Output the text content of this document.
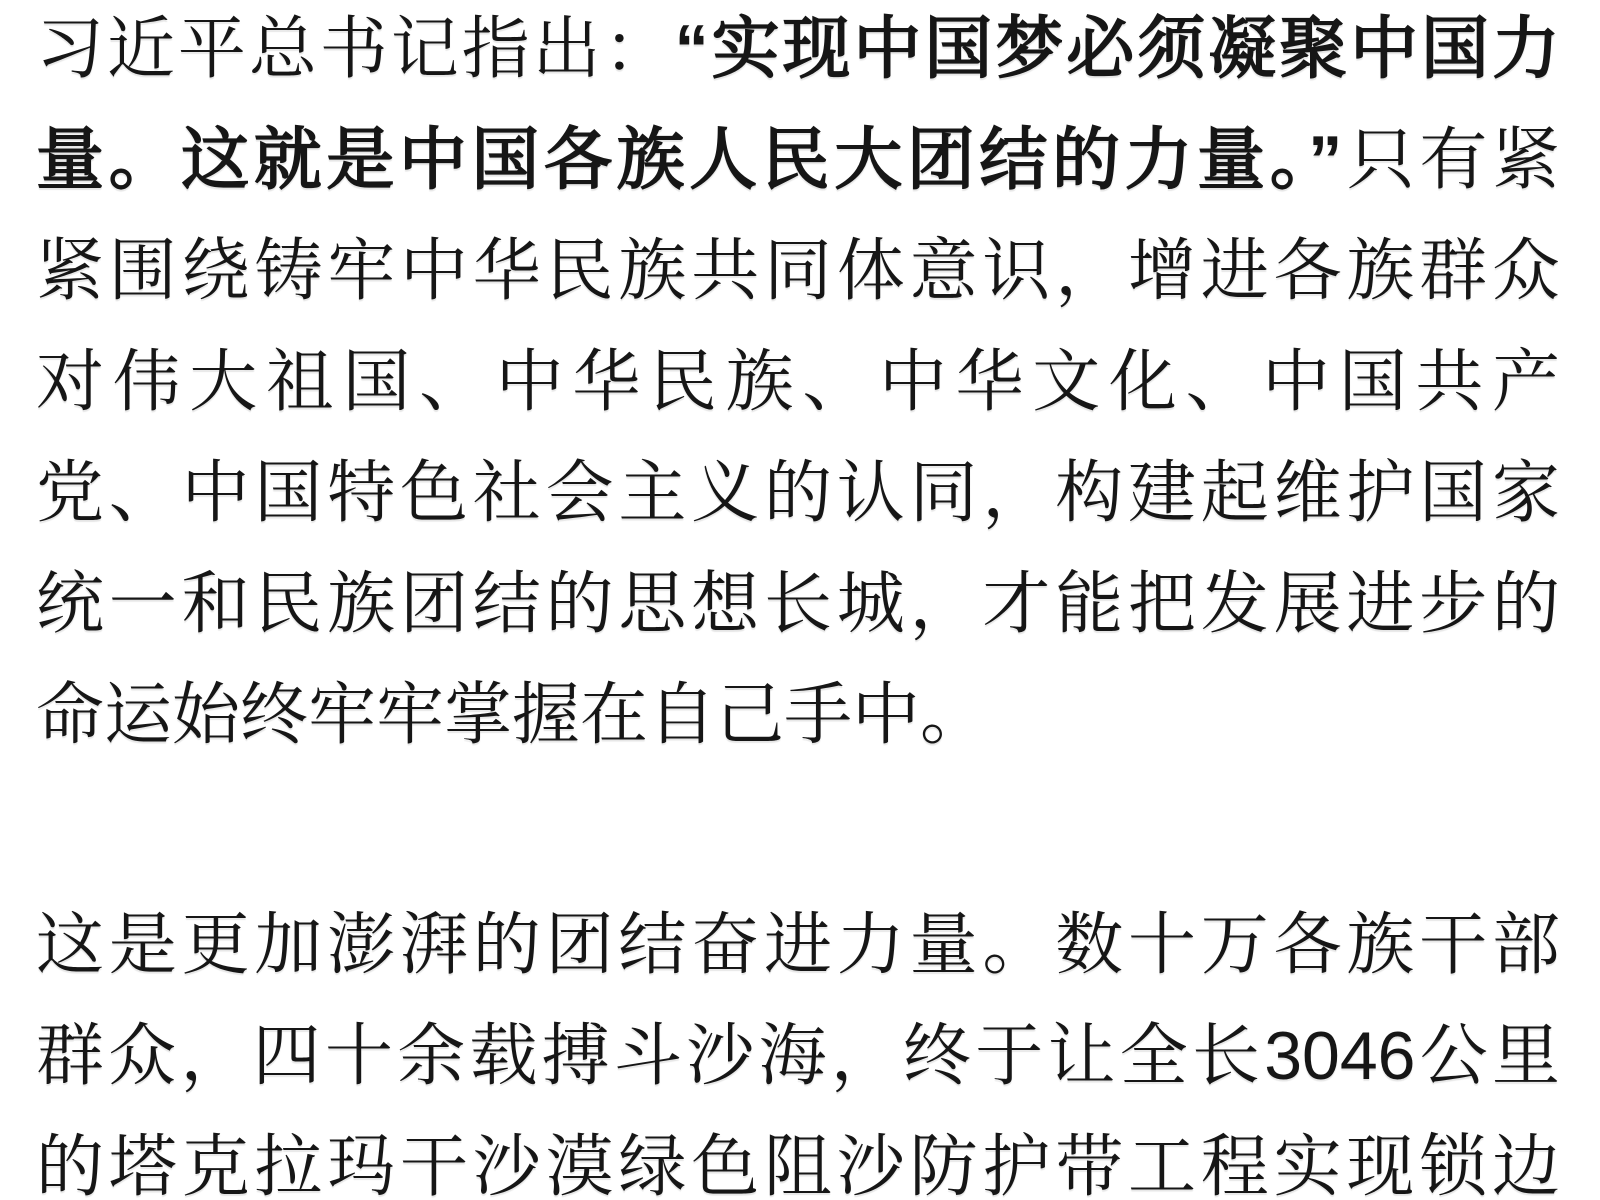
习近平总书记指出：“实现中国梦必须凝聚中国力
量。这就是中国各族人民大团结的力量。”只有紧
紧围绕铸牢中华民族共同体意识，增进各族群众
对伟大祖国、中华民族、中华文化、中国共产
党、中国特色社会主义的认同，构建起维护国家
统一和民族团结的思想长城，才能把发展进步的
命运始终牢牢掌握在自己手中。
这是更加澎湃的团结奋进力量。数十万各族干部
群众，四十余载搏斗沙海，终于让全长3046公里
的塔克拉玛干沙漠绿色阻沙防护带工程实现锁边
